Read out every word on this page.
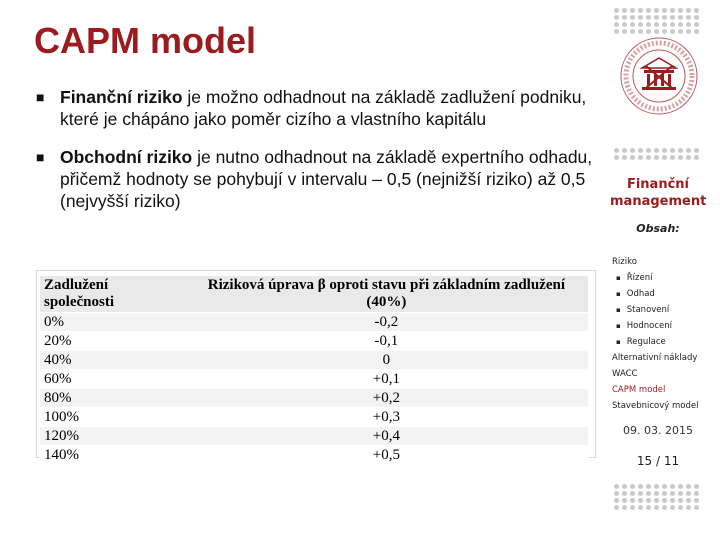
CAPM model
■ Finanční riziko je možno odhadnout na základě zadlužení podniku, které je chápáno jako poměr cizího a vlastního kapitálu
■ Obchodní riziko je nutno odhadnout na základě expertního odhadu, přičemž hodnoty se pohybují v intervalu – 0,5 (nejnižší riziko) až 0,5 (nejvyšší riziko)
Zadlužení společnosti	Riziková úprava β oproti stavu při základním zadlužení (40%)
0%	-0,2
20%	-0,1
40%	0
60%	+0,1
80%	+0,2
100%	+0,3
120%	+0,4
140%	+0,5
Finanční management
Obsah:
Riziko
▪ Řízení
▪ Odhad
▪ Stanovení
▪ Hodnocení
▪ Regulace
Alternativní náklady
WACC
CAPM model
Stavebnicový model
09. 03. 2015
15 / 11
